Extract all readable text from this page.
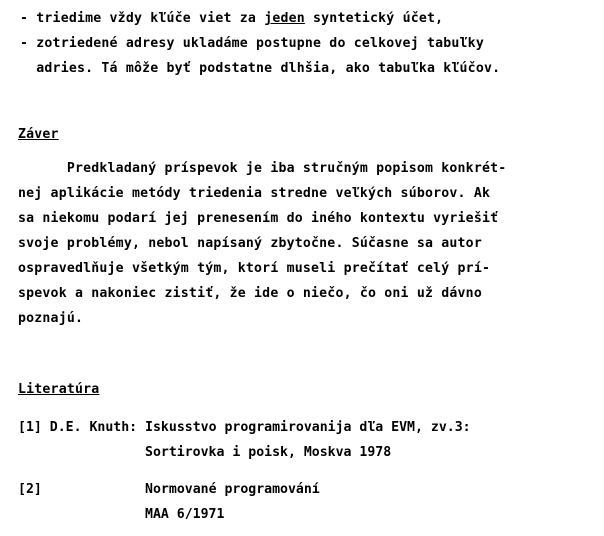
- triedime vždy kľúče viet za jeden syntetický účet,
- zotriedené adresy ukladáme postupne do celkovej tabuľky
adries. Tá môže byť podstatne dlhšia, ako tabuľka kľúčov.
Záver
Predkladaný príspevok je iba stručným popisom konkrét-
nej aplikácie metódy triedenia stredne veľkých súborov. Ak
sa niekomu podarí jej prenesením do iného kontextu vyriešiť
svoje problémy, nebol napísaný zbytočne. Súčasne sa autor
ospravedlňuje všetkým tým, ktorí museli prečítať celý prí-
spevok a nakoniec zistiť, že ide o niečo, čo oni už dávno
poznajú.
Literatúra
[1] D.E. Knuth: Iskusstvo programirovanija dľa EVM, zv.3:
Sortirovka i poisk, Moskva 1978
[2]             Normované programování
MAA 6/1971
